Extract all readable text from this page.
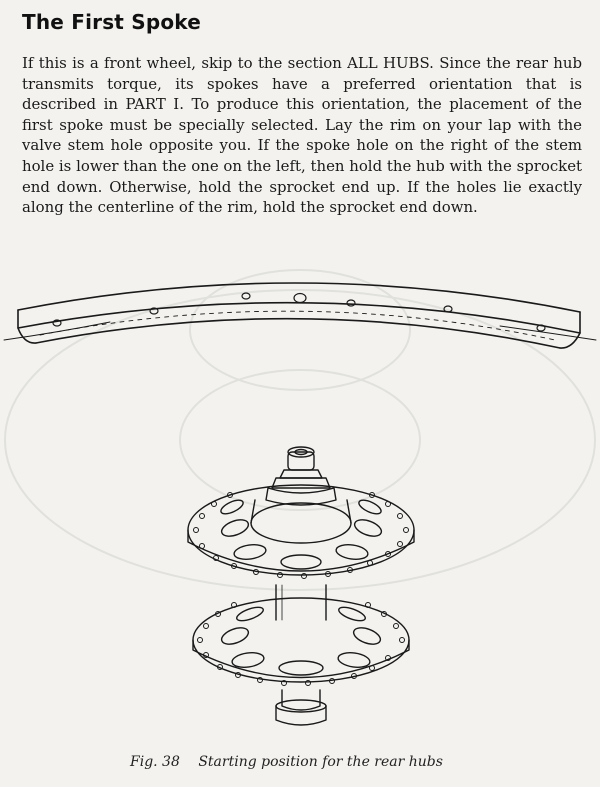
The First Spoke

If this is a front wheel, skip to the section ALL HUBS. Since the rear hub transmits torque, its spokes have a preferred orientation that is described in PART I. To produce this orientation, the placement of the first spoke must be specially selected. Lay the rim on your lap with the valve stem hole opposite you. If the spoke hole on the right of the stem hole is lower than the one on the left, then hold the hub with the sprocket end down. Otherwise, hold the sprocket end up. If the holes lie exactly along the centerline of the rim, hold the sprocket end down.

Fig. 38 Starting position for the rear hubs
